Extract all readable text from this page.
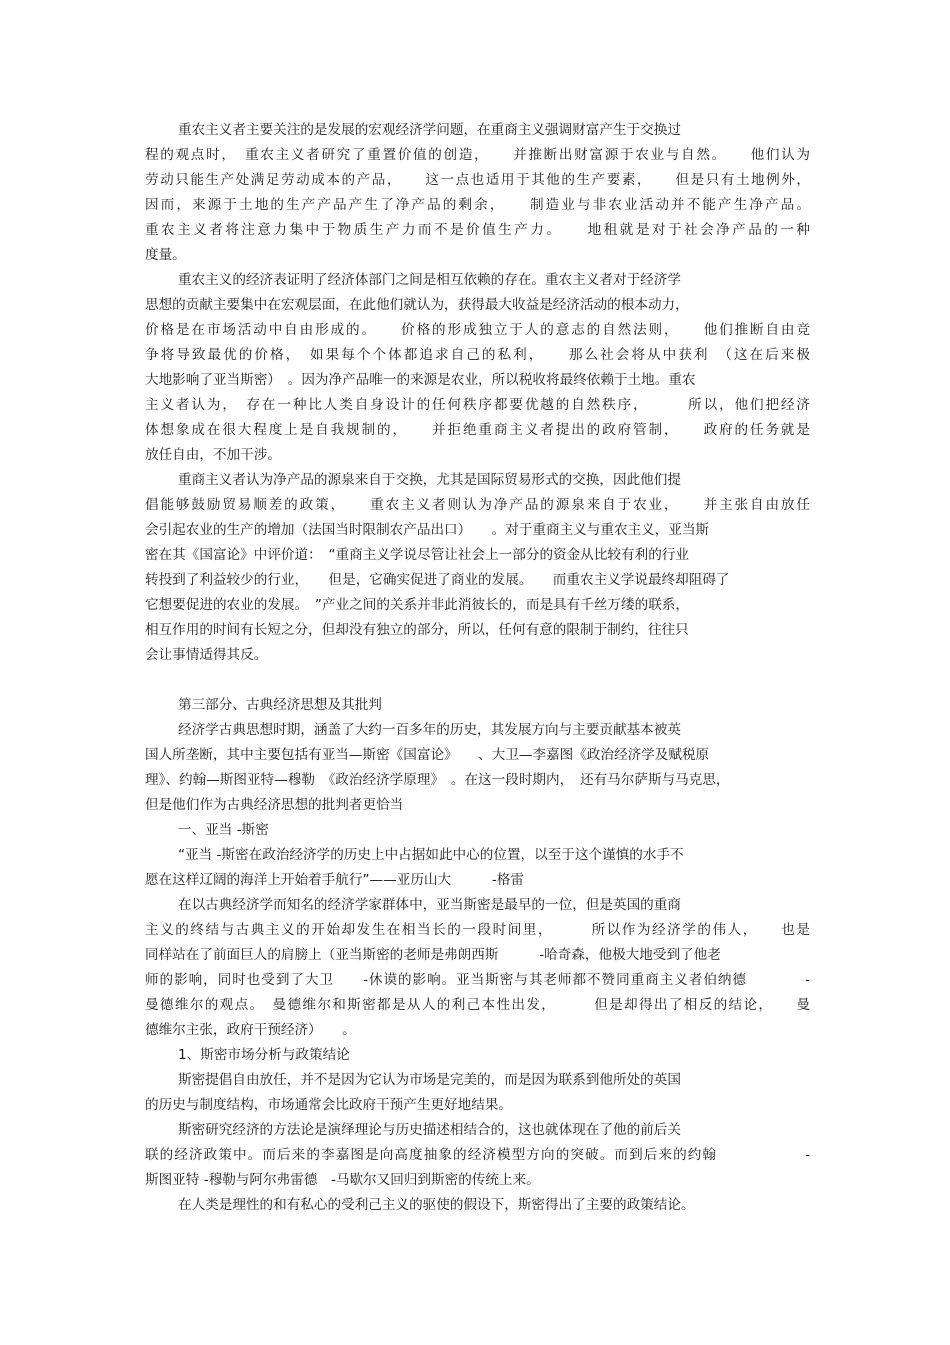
重农主义者主要关注的是发展的宏观经济学问题，在重商主义强调财富产生于交换过
程的观点时，　重农主义者研究了重置价值的创造，　　并推断出财富源于农业与自然。　　他们认为
劳动只能生产处满足劳动成本的产品，　　这一点也适用于其他的生产要素，　　但是只有土地例外，
因而，来源于土地的生产产品产生了净产品的剩余，　　制造业与非农业活动并不能产生净产品。
重农主义者将注意力集中于物质生产力而不是价值生产力。　　地租就是对于社会净产品的一种
度量。
重农主义的经济表证明了经济体部门之间是相互依赖的存在。重农主义者对于经济学
思想的贡献主要集中在宏观层面，在此他们就认为，获得最大收益是经济活动的根本动力，
价格是在市场活动中自由形成的。　　价格的形成独立于人的意志的自然法则，　　他们推断自由竞
争将导致最优的价格，　如果每个个体都追求自己的私利，　　那么社会将从中获利　（这在后来极
大地影响了亚当斯密）　。因为净产品唯一的来源是农业，所以税收将最终依赖于土地。重农
主义者认为，　存在一种比人类自身设计的任何秩序都要优越的自然秩序，　　　所以，他们把经济
体想象成在很大程度上是自我规制的，　　并拒绝重商主义者提出的政府管制，　　政府的任务就是
放任自由，不加干涉。
重商主义者认为净产品的源泉来自于交换，尤其是国际贸易形式的交换，因此他们提
倡能够鼓励贸易顺差的政策，　　重农主义者则认为净产品的源泉来自于农业，　　并主张自由放任
会引起农业的生产的增加（法国当时限制农产品出口）　　。对于重商主义与重农主义，亚当斯
密在其《国富论》中评价道：　“重商主义学说尽管让社会上一部分的资金从比较有利的行业
转投到了利益较少的行业，　　但是，它确实促进了商业的发展。　　而重农主义学说最终却阻碍了
它想要促进的农业的发展。　”产业之间的关系并非此消彼长的，而是具有千丝万缕的联系，
相互作用的时间有长短之分，但却没有独立的部分，所以，任何有意的限制于制约，往往只
会让事情适得其反。
第三部分、古典经济思想及其批判
经济学古典思想时期，涵盖了大约一百多年的历史，其发展方向与主要贡献基本被英
国人所垄断，其中主要包括有亚当—斯密《国富论》　　、大卫—李嘉图《政治经济学及赋税原
理》、约翰—斯图亚特—穆勒　《政治经济学原理》　。在这一段时期内，　还有马尔萨斯与马克思，
但是他们作为古典经济思想的批判者更恰当
一、亚当 -斯密
“亚当 -斯密在政治经济学的历史上中占据如此中心的位置，以至于这个谨慎的水手不
愿在这样辽阔的海洋上开始着手航行”——亚历山大　　　-格雷
在以古典经济学而知名的经济学家群体中，亚当斯密是最早的一位，但是英国的重商
主义的终结与古典主义的开始却发生在相当长的一段时间里，　　　所以作为经济学的伟人，　　也是
同样站在了前面巨人的肩膀上（亚当斯密的老师是弗朗西斯　　　-哈奇森，他极大地受到了他老
师的影响，同时也受到了大卫　　-休谟的影响。亚当斯密与其老师都不赞同重商主义者伯纳德　　　　-
曼德维尔的观点。　曼德维尔和斯密都是从人的利己本性出发，　　　但是却得出了相反的结论，　　曼
德维尔主张，政府干预经济）　　。
1、斯密市场分析与政策结论
斯密提倡自由放任，并不是因为它认为市场是完美的，而是因为联系到他所处的英国
的历史与制度结构，市场通常会比政府干预产生更好地结果。
斯密研究经济的方法论是演绎理论与历史描述相结合的，这也就体现在了他的前后关
联的经济政策中。而后来的李嘉图是向高度抽象的经济模型方向的突破。而到后来的约翰　　　　　　-
斯图亚特 -穆勒与阿尔弗雷德　-马歇尔又回归到斯密的传统上来。
在人类是理性的和有私心的受利己主义的驱使的假设下，斯密得出了主要的政策结论。
